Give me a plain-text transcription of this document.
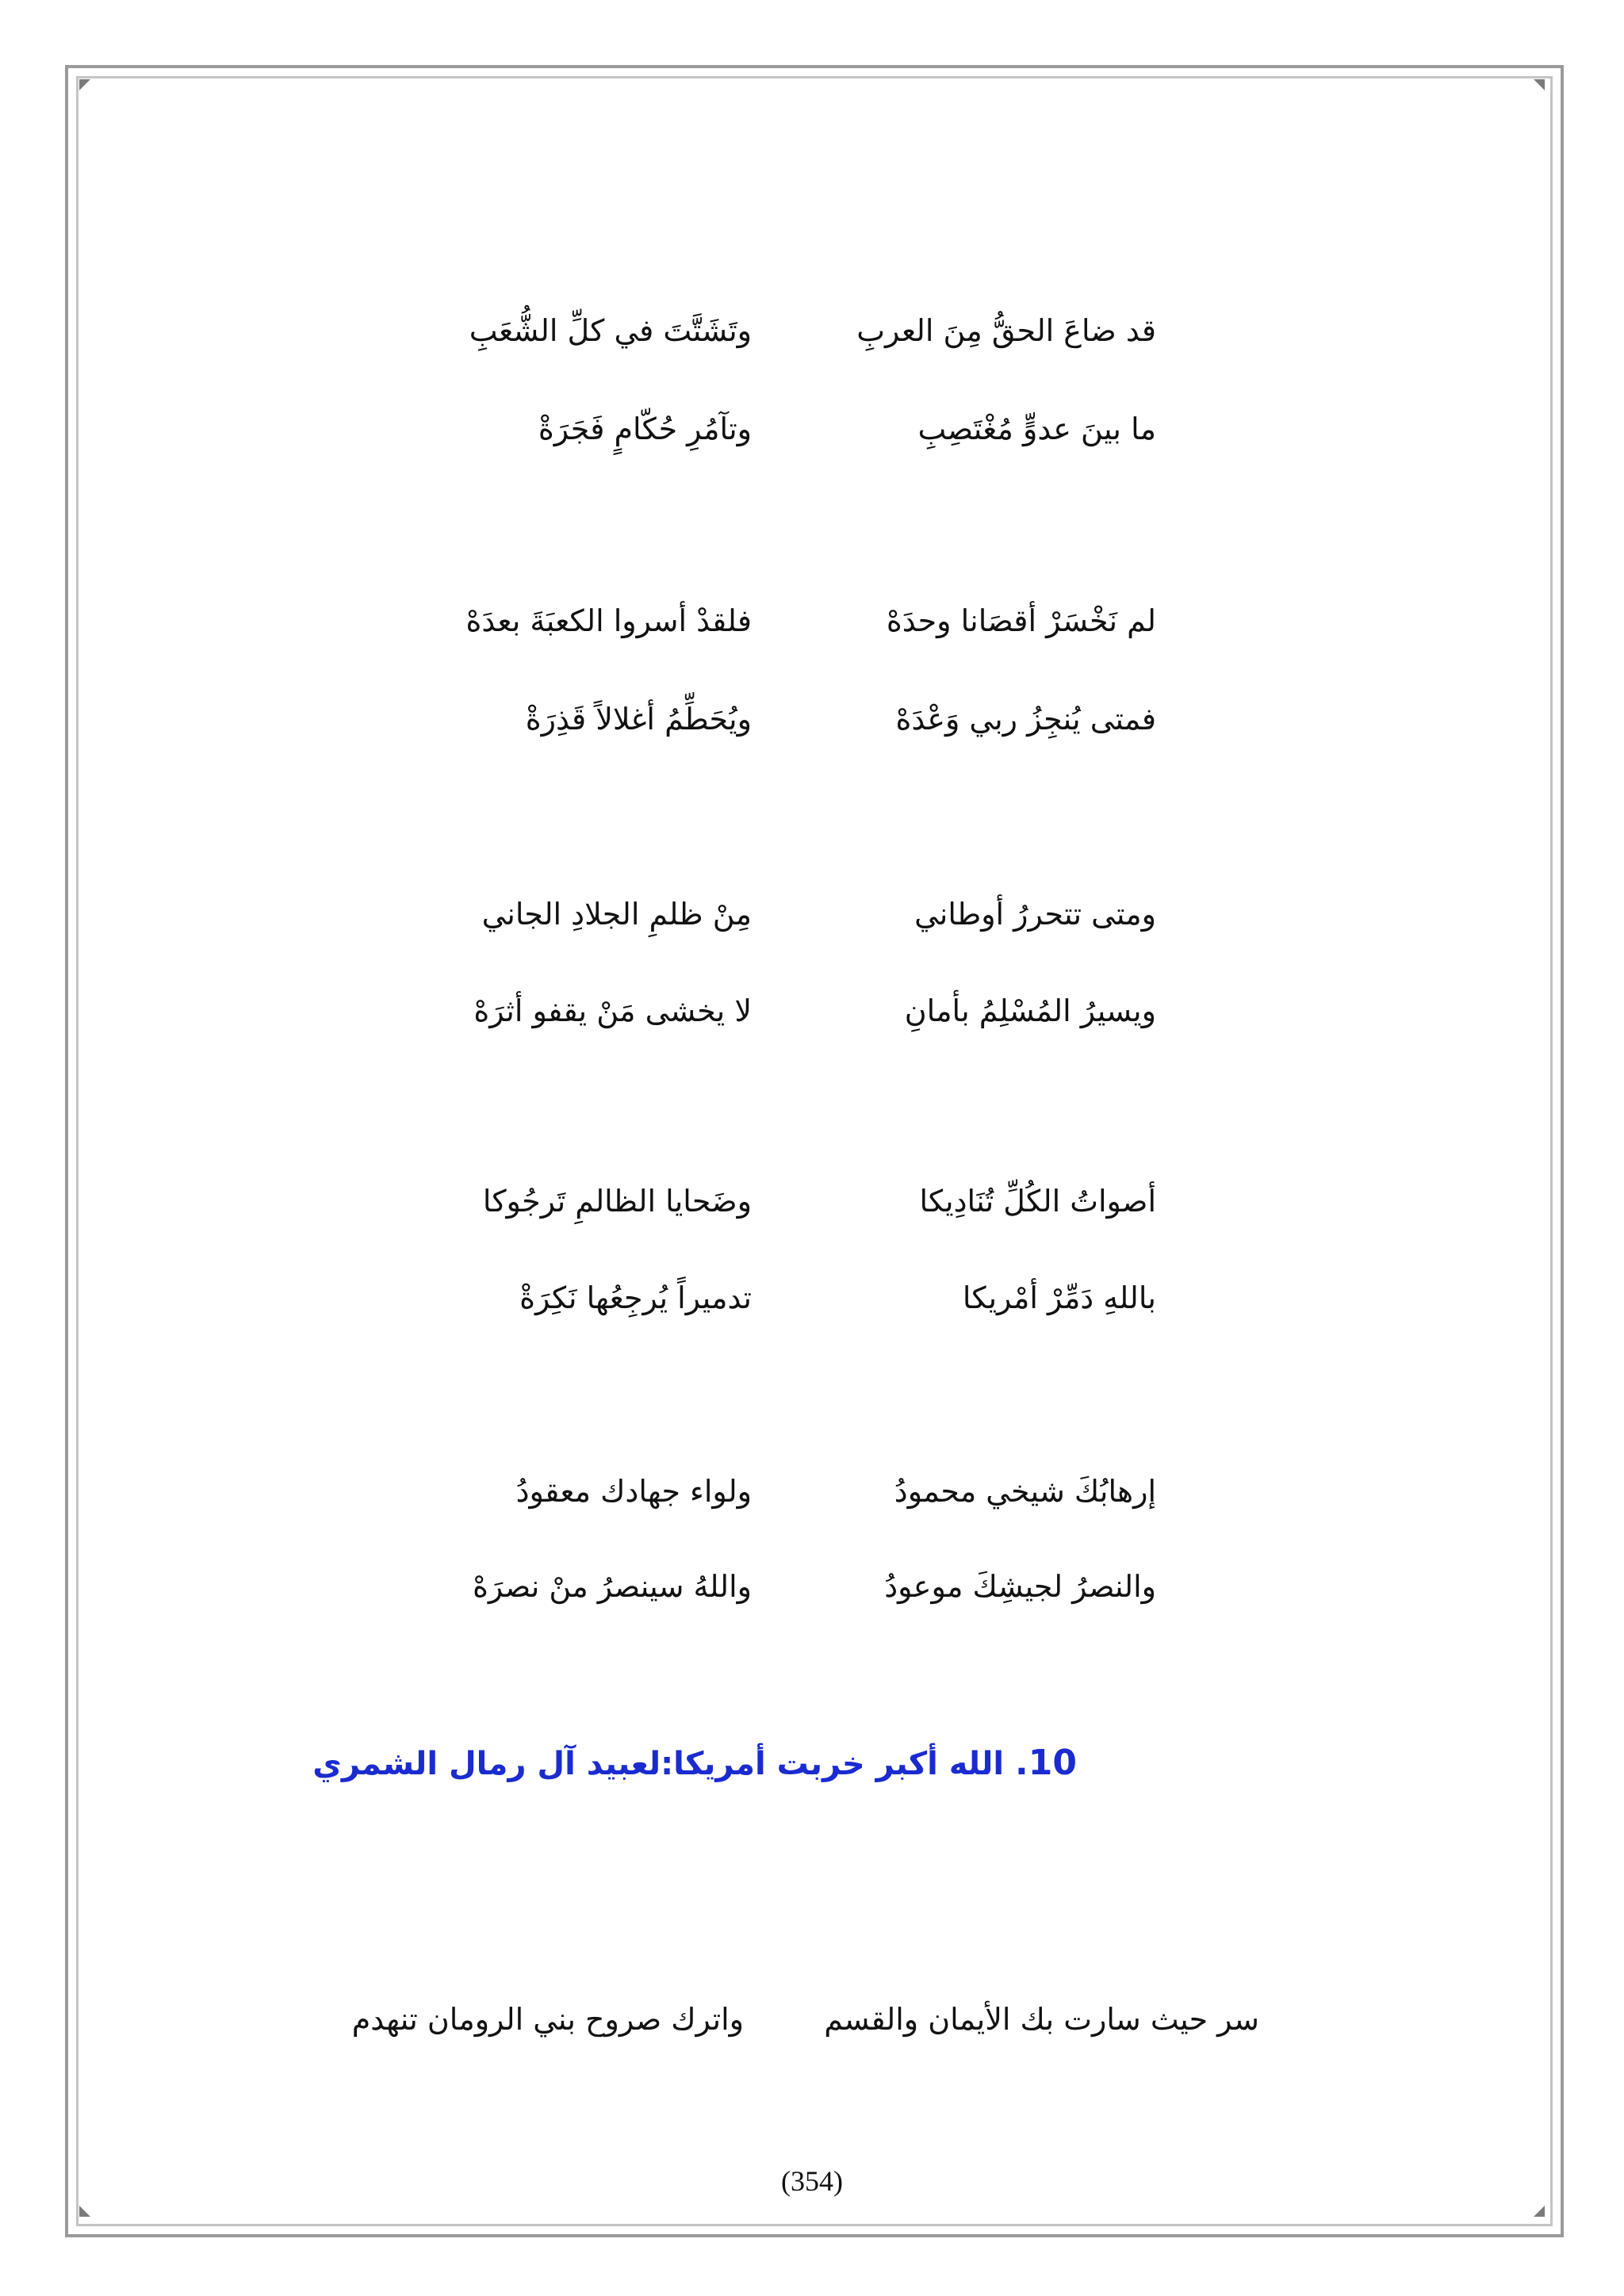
قد ضاعَ الحقُّ مِنَ العربِ
وتَشَتَّتَ في كلِّ الشُّعَبِ
ما بينَ عدوٍّ مُغْتَصِبِ
وتآمُرِ حُكّامٍ فَجَرَةْ
لم نَخْسَرْ أقصَانا وحدَهْ
فلقدْ أسروا الكعبَةَ بعدَهْ
فمتى يُنجِزُ ربي وَعْدَهْ
ويُحَطِّمُ أغلالاً قَذِرَةْ
ومتى تتحررُ أوطاني
مِنْ ظلمِ الجلادِ الجاني
ويسيرُ المُسْلِمُ بأمانِ
لا يخشى مَنْ يقفو أثرَهْ
أصواتُ الكُلِّ تُنَادِيكا
وضَحايا الظالمِ تَرجُوكا
باللهِ دَمِّرْ أمْريكا
تدميراً يُرجِعُها نَكِرَةْ
إرهابُكَ شيخي محمودُ
ولواء جهادك معقودُ
والنصرُ لجيشِكَ موعودُ
واللهُ سينصرُ منْ نصرَهْ
10. الله أكبر خربت أمريكا:لعبيد آل رمال الشمري
سر حيث سارت بك الأيمان والقسم
واترك صروح بني الرومان تنهدم
(354)
